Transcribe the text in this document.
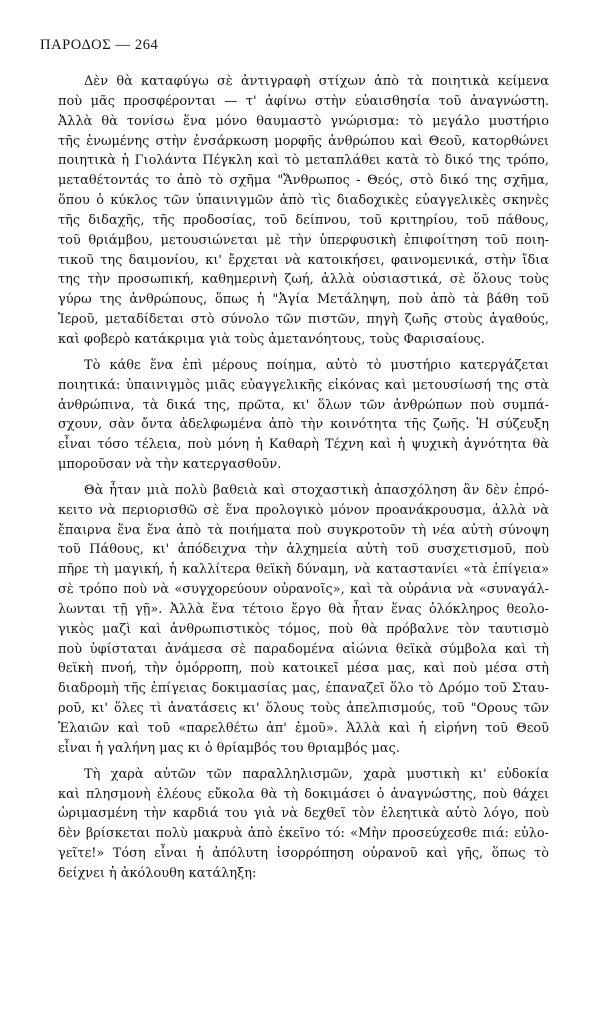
ΠΑΡΟΔΟΣ — 264
Δὲν θὰ καταφύγω σὲ ἀντιγραφὴ στίχων ἀπὸ τὰ ποιητικὰ κείμενα
ποὺ μᾶς προσφέρονται — τ' ἀφίνω στὴν εὐαισθησία τοῦ ἀναγνώστη.
Ἀλλὰ θὰ τονίσω ἕνα μόνο θαυμαστὸ γνώρισμα: τὸ μεγάλο μυστήριο
τῆς ἑνωμένης στὴν ἐνσάρκωση μορφῆς ἀνθρώπου καὶ Θεοῦ, κατορθώνει
ποιητικὰ ἡ Γιολάντα Πέγκλη καὶ τὸ μεταπλάθει κατὰ τὸ δικό της τρόπο,
μεταθέτοντάς το ἀπὸ τὸ σχῆμα "Ἄνθρωπος - Θεός, στὸ δικό της σχῆμα,
ὅπου ὁ κύκλος τῶν ὑπαινιγμῶν ἀπὸ τὶς διαδοχικὲς εὐαγγελικὲς σκηνὲς
τῆς διδαχῆς, τῆς προδοσίας, τοῦ δείπνου, τοῦ κριτηρίου, τοῦ πάθους,
τοῦ θριάμβου, μετουσιώνεται μὲ τὴν ὑπερφυσικὴ ἐπιφοίτηση τοῦ ποιη-
τικοῦ της δαιμονίου, κι' ἔρχεται νὰ κατοικήσει, φαινομενικά, στὴν ἴδια
της τὴν προσωπική, καθημερινὴ ζωή, ἀλλὰ οὐσιαστικά, σὲ ὅλους τοὺς
γύρω της ἀνθρώπους, ὅπως ἡ "Ἁγία Μετάληψη, ποὺ ἀπὸ τὰ βάθη τοῦ
Ἱεροῦ, μεταδίδεται στὸ σύνολο τῶν πιστῶν, πηγὴ ζωῆς στοὺς ἀγαθούς,
καὶ φοβερὸ κατάκριμα γιὰ τοὺς ἀμετανόητους, τοὺς Φαρισαίους.
Τὸ κάθε ἕνα ἐπὶ μέρους ποίημα, αὐτὸ τὸ μυστήριο κατεργάζεται
ποιητικά: ὑπαινιγμὸς μιᾶς εὐαγγελικῆς εἰκόνας καὶ μετουσίωσή της στὰ
ἀνθρώπινα, τὰ δικά της, πρῶτα, κι' ὅλων τῶν ἀνθρώπων ποὺ συμπά-
σχουν, σὰν ὄντα ἀδελφωμένα ἀπὸ τὴν κοινότητα τῆς ζωῆς. Ἡ σύζευξη
εἶναι τόσο τέλεια, ποὺ μόνη ἡ Καθαρὴ Τέχνη καὶ ἡ ψυχικὴ ἁγνότητα θὰ
μποροῦσαν νὰ τὴν κατεργασθοῦν.
Θὰ ἦταν μιὰ πολὺ βαθειὰ καὶ στοχαστικὴ ἀπασχόληση ἂν δὲν ἐπρό-
κειτο νὰ περιορισθῶ σὲ ἕνα προλογικὸ μόνον προανάκρουσμα, ἀλλὰ νὰ
ἔπαιρνα ἕνα ἕνα ἀπὸ τὰ ποιήματα ποὺ συγκροτοῦν τὴ νέα αὐτὴ σύνοψη
τοῦ Πάθους, κι' ἀπόδειχνα τὴν ἀλχημεία αὐτὴ τοῦ συσχετισμοῦ, ποὺ
πῆρε τὴ μαγική, ἡ καλλίτερα θεϊκὴ δύναμη, νὰ καταστανίει «τὰ ἐπίγεια»
σὲ τρόπο ποὺ νὰ «συγχορεύουν οὐρανοῖς», καὶ τὰ οὐράνια νὰ «συναγάλ-
λωνται τῇ γῇ». Ἀλλὰ ἕνα τέτοιο ἔργο θὰ ἦταν ἕνας ὁλόκληρος θεολο-
γικὸς μαζὶ καὶ ἀνθρωπιστικὸς τόμος, ποὺ θὰ πρόβαλνε τὸν ταυτισμὸ
ποὺ ὑφίσταται ἀνάμεσα σὲ παραδομένα αἰώνια θεϊκὰ σύμβολα καὶ τὴ
θεϊκὴ πνοή, τὴν ὁμόρροπη, ποὺ κατοικεῖ μέσα μας, καὶ ποὺ μέσα στὴ
διαδρομὴ τῆς ἐπίγειας δοκιμασίας μας, ἐπαναζεῖ ὅλο τὸ Δρόμο τοῦ Σταυ-
ροῦ, κι' ὅλες τὶ ἀνατάσεις κι' ὅλους τοὺς ἀπελπισμούς, τοῦ "Ορους τῶν
Ἐλαιῶν καὶ τοῦ «παρελθέτω ἀπ' ἐμοῦ». Ἀλλὰ καὶ ἡ εἰρήνη τοῦ Θεοῦ
εἶναι ἡ γαλήνη μας κι ὁ θρίαμβός του θριαμβός μας.
Τὴ χαρὰ αὐτῶν τῶν παραλληλισμῶν, χαρὰ μυστικὴ κι' εὐδοκία
καὶ πλησμονὴ ἐλέους εὔκολα θὰ τὴ δοκιμάσει ὁ ἀναγνώστης, ποὺ θάχει
ὡριμασμένη τὴν καρδιά του γιὰ νὰ δεχθεῖ τὸν ἐλεητικὰ αὐτὸ λόγο, ποὺ
δὲν βρίσκεται πολὺ μακρυὰ ἀπὸ ἐκεῖνο τό: «Μὴν προσεύχεσθε πιά: εὐλο-
γεῖτε!» Τόση εἶναι ἡ ἀπόλυτη ἰσορρόπηση οὐρανοῦ καὶ γῆς, ὅπως τὸ
δείχνει ἡ ἀκόλουθη κατάληξη:
